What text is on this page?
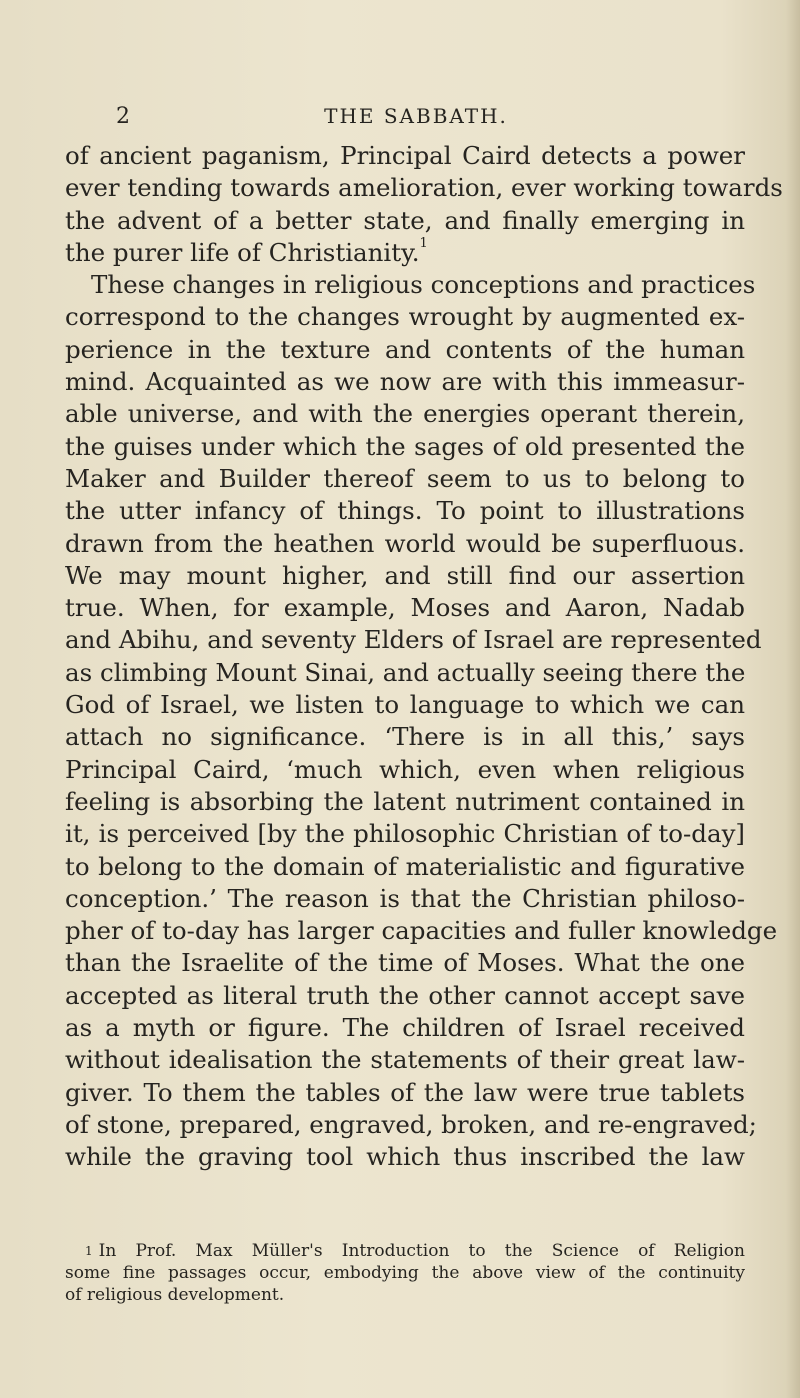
2	THE SABBATH.
of ancient paganism, Principal Caird detects a power
ever tending towards amelioration, ever working towards
the advent of a better state, and finally emerging in
the purer life of Christianity.$^1$
These changes in religious conceptions and practices
correspond to the changes wrought by augmented ex-
perience in the texture and contents of the human
mind. Acquainted as we now are with this immeasur-
able universe, and with the energies operant therein,
the guises under which the sages of old presented the
Maker and Builder thereof seem to us to belong to
the utter infancy of things. To point to illustrations
drawn from the heathen world would be superfluous.
We may mount higher, and still find our assertion
true. When, for example, Moses and Aaron, Nadab
and Abihu, and seventy Elders of Israel are represented
as climbing Mount Sinai, and actually seeing there the
God of Israel, we listen to language to which we can
attach no significance. ‘There is in all this,’ says
Principal Caird, ‘much which, even when religious
feeling is absorbing the latent nutriment contained in
it, is perceived [by the philosophic Christian of to-day]
to belong to the domain of materialistic and figurative
conception.’ The reason is that the Christian philoso-
pher of to-day has larger capacities and fuller knowledge
than the Israelite of the time of Moses. What the one
accepted as literal truth the other cannot accept save
as a myth or figure. The children of Israel received
without idealisation the statements of their great law-
giver. To them the tables of the law were true tablets
of stone, prepared, engraved, broken, and re-engraved;
while the graving tool which thus inscribed the law
$^1$ In Prof. Max Müller's Introduction to the Science of Religion
some fine passages occur, embodying the above view of the continuity
of religious development.
